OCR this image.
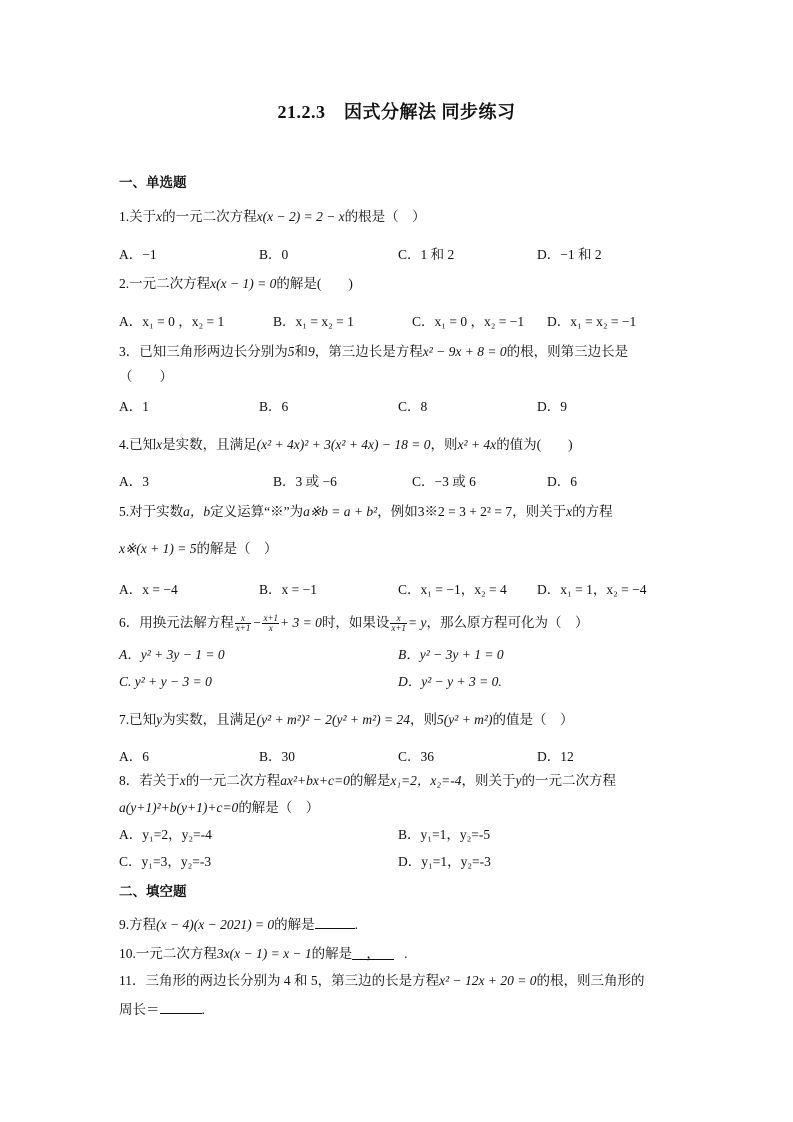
21.2.3　因式分解法 同步练习
一、单选题
1.关于x的一元二次方程x(x − 2) = 2 − x的根是（　）
A．−1	B．0	C．1 和 2	D．−1 和 2
2.一元二次方程x(x − 1) = 0的解是(　　)
A．x₁ = 0 ，x₂ = 1	B．x₁ = x₂ = 1	C．x₁ = 0 ，x₂ = −1 D．x₁ = x₂ = −1
3．已知三角形两边长分别为5和9，第三边长是方程x² − 9x + 8 = 0的根，则第三边长是
（　　）
A．1	B．6	C．8	D．9
4.已知x是实数，且满足(x² + 4x)² + 3(x² + 4x) − 18 = 0，则x² + 4x的值为(　　)
A．3	B．3 或 −6	C．−3 或 6	D．6
5.对于实数a，b定义运算“※”为a※b = a + b²，例如3※2 = 3 + 2² = 7，则关于x的方程
x※(x + 1) = 5的解是（　）
A．x = −4	B．x = −1	C．x₁ = −1，x₂ = 4 D．x₁ = 1，x₂ = −4
6．用换元法解方程 $\frac{x}{x+1} - \frac{x+1}{x} + 3 = 0$时，如果设 $\frac{x}{x+1} = y$，那么原方程可化为（　）
A．y² + 3y − 1 = 0	B．y² − 3y + 1 = 0
C. y² + y − 3 = 0	D．y² − y + 3 = 0.
7.已知y为实数，且满足(y² + m²)² − 2(y² + m²) = 24，则5(y² + m²)的值是（　）
A．6	B．30	C．36	D．12
8．若关于x的一元二次方程ax²+bx+c=0的解是x₁=2，x₂=-4，则关于y的一元二次方程
a(y+1)²+b(y+1)+c=0的解是（　）
A．y₁=2，y₂=-4	B．y₁=1，y₂=-5
C．y₁=3，y₂=-3	D．y₁=1，y₂=-3
二、填空题
9.方程(x − 4)(x − 2021) = 0的解是	.
10.一元二次方程3x(x − 1) = x − 1的解是 ， .
11．三角形的两边长分别为 4 和 5，第三边的长是方程x² − 12x + 20 = 0的根，则三角形的
周长＝	.
